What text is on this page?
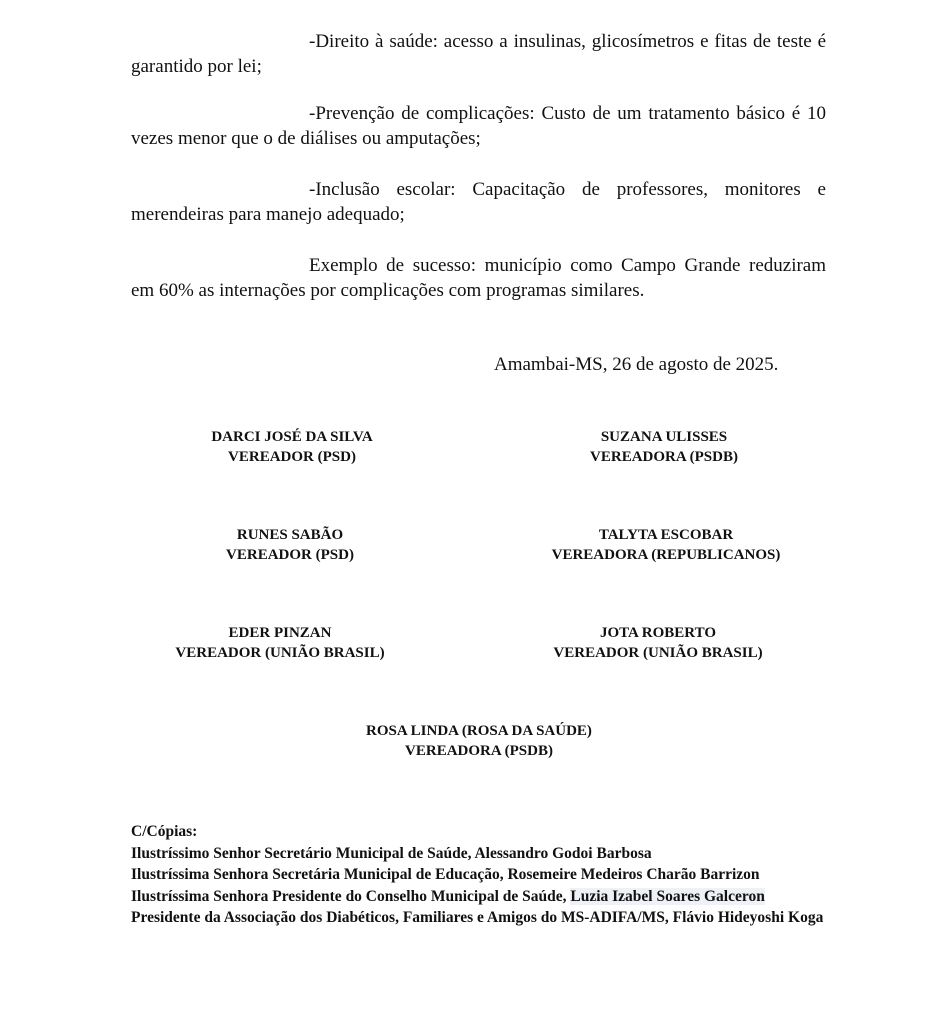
-Direito à saúde: acesso a insulinas, glicosímetros e fitas de teste é garantido por lei;

-Prevenção de complicações: Custo de um tratamento básico é 10 vezes menor que o de diálises ou amputações;

-Inclusão escolar: Capacitação de professores, monitores e merendeiras para manejo adequado;

Exemplo de sucesso: município como Campo Grande reduziram em 60% as internações por complicações com programas similares.

Amambai-MS, 26 de agosto de 2025.

DARCI JOSÉ DA SILVA
VEREADOR (PSD)
SUZANA ULISSES
VEREADORA (PSDB)
RUNES SABÃO
VEREADOR (PSD)
TALYTA ESCOBAR
VEREADORA (REPUBLICANOS)
EDER PINZAN
VEREADOR (UNIÃO BRASIL)
JOTA ROBERTO
VEREADOR (UNIÃO BRASIL)
ROSA LINDA (ROSA DA SAÚDE)
VEREADORA (PSDB)
C/Cópias:
Ilustríssimo Senhor Secretário Municipal de Saúde, Alessandro Godoi Barbosa
Ilustríssima Senhora Secretária Municipal de Educação, Rosemeire Medeiros Charão Barrizon
Ilustríssima Senhora Presidente do Conselho Municipal de Saúde, Luzia Izabel Soares Galceron
Presidente da Associação dos Diabéticos, Familiares e Amigos do MS-ADIFA/MS, Flávio Hideyoshi Koga
